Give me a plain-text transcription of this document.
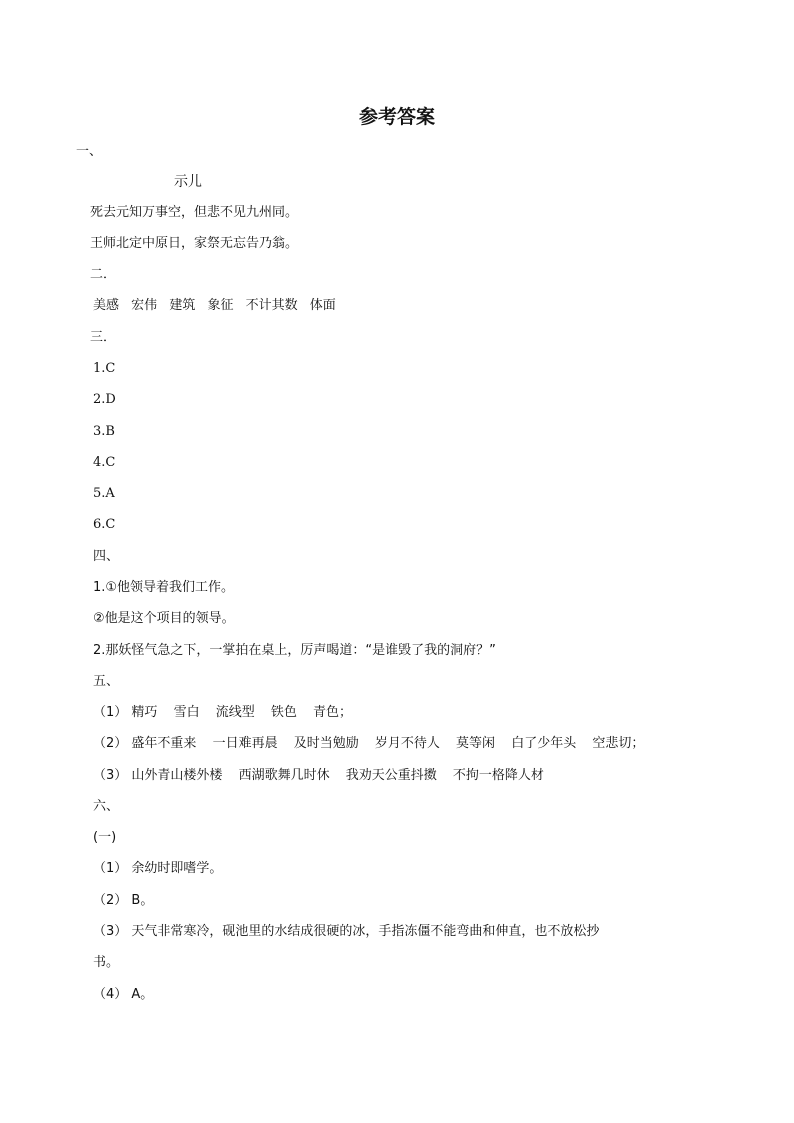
参考答案
一、
示儿
死去元知万事空，但悲不见九州同。
王师北定中原日，家祭无忘告乃翁。
二．
美感 宏伟 建筑 象征 不计其数 体面
三．
1.C
2.D
3.B
4.C
5.A
6.C
四、
1.①他领导着我们工作。
②他是这个项目的领导。
2.那妖怪气急之下，一掌拍在桌上，厉声喝道：“是谁毁了我的洞府？”
五、
（1） 精巧 雪白 流线型 铁色 青色；
（2） 盛年不重来 一日难再晨 及时当勉励 岁月不待人 莫等闲 白了少年头 空悲切；
（3） 山外青山楼外楼 西湖歌舞几时休 我劝天公重抖擞 不拘一格降人材
六、
(一)
（1） 余幼时即嗜学。
（2） B。
（3） 天气非常寒冷，砚池里的水结成很硬的冰，手指冻僵不能弯曲和伸直，也不放松抄
书。
（4） A。
